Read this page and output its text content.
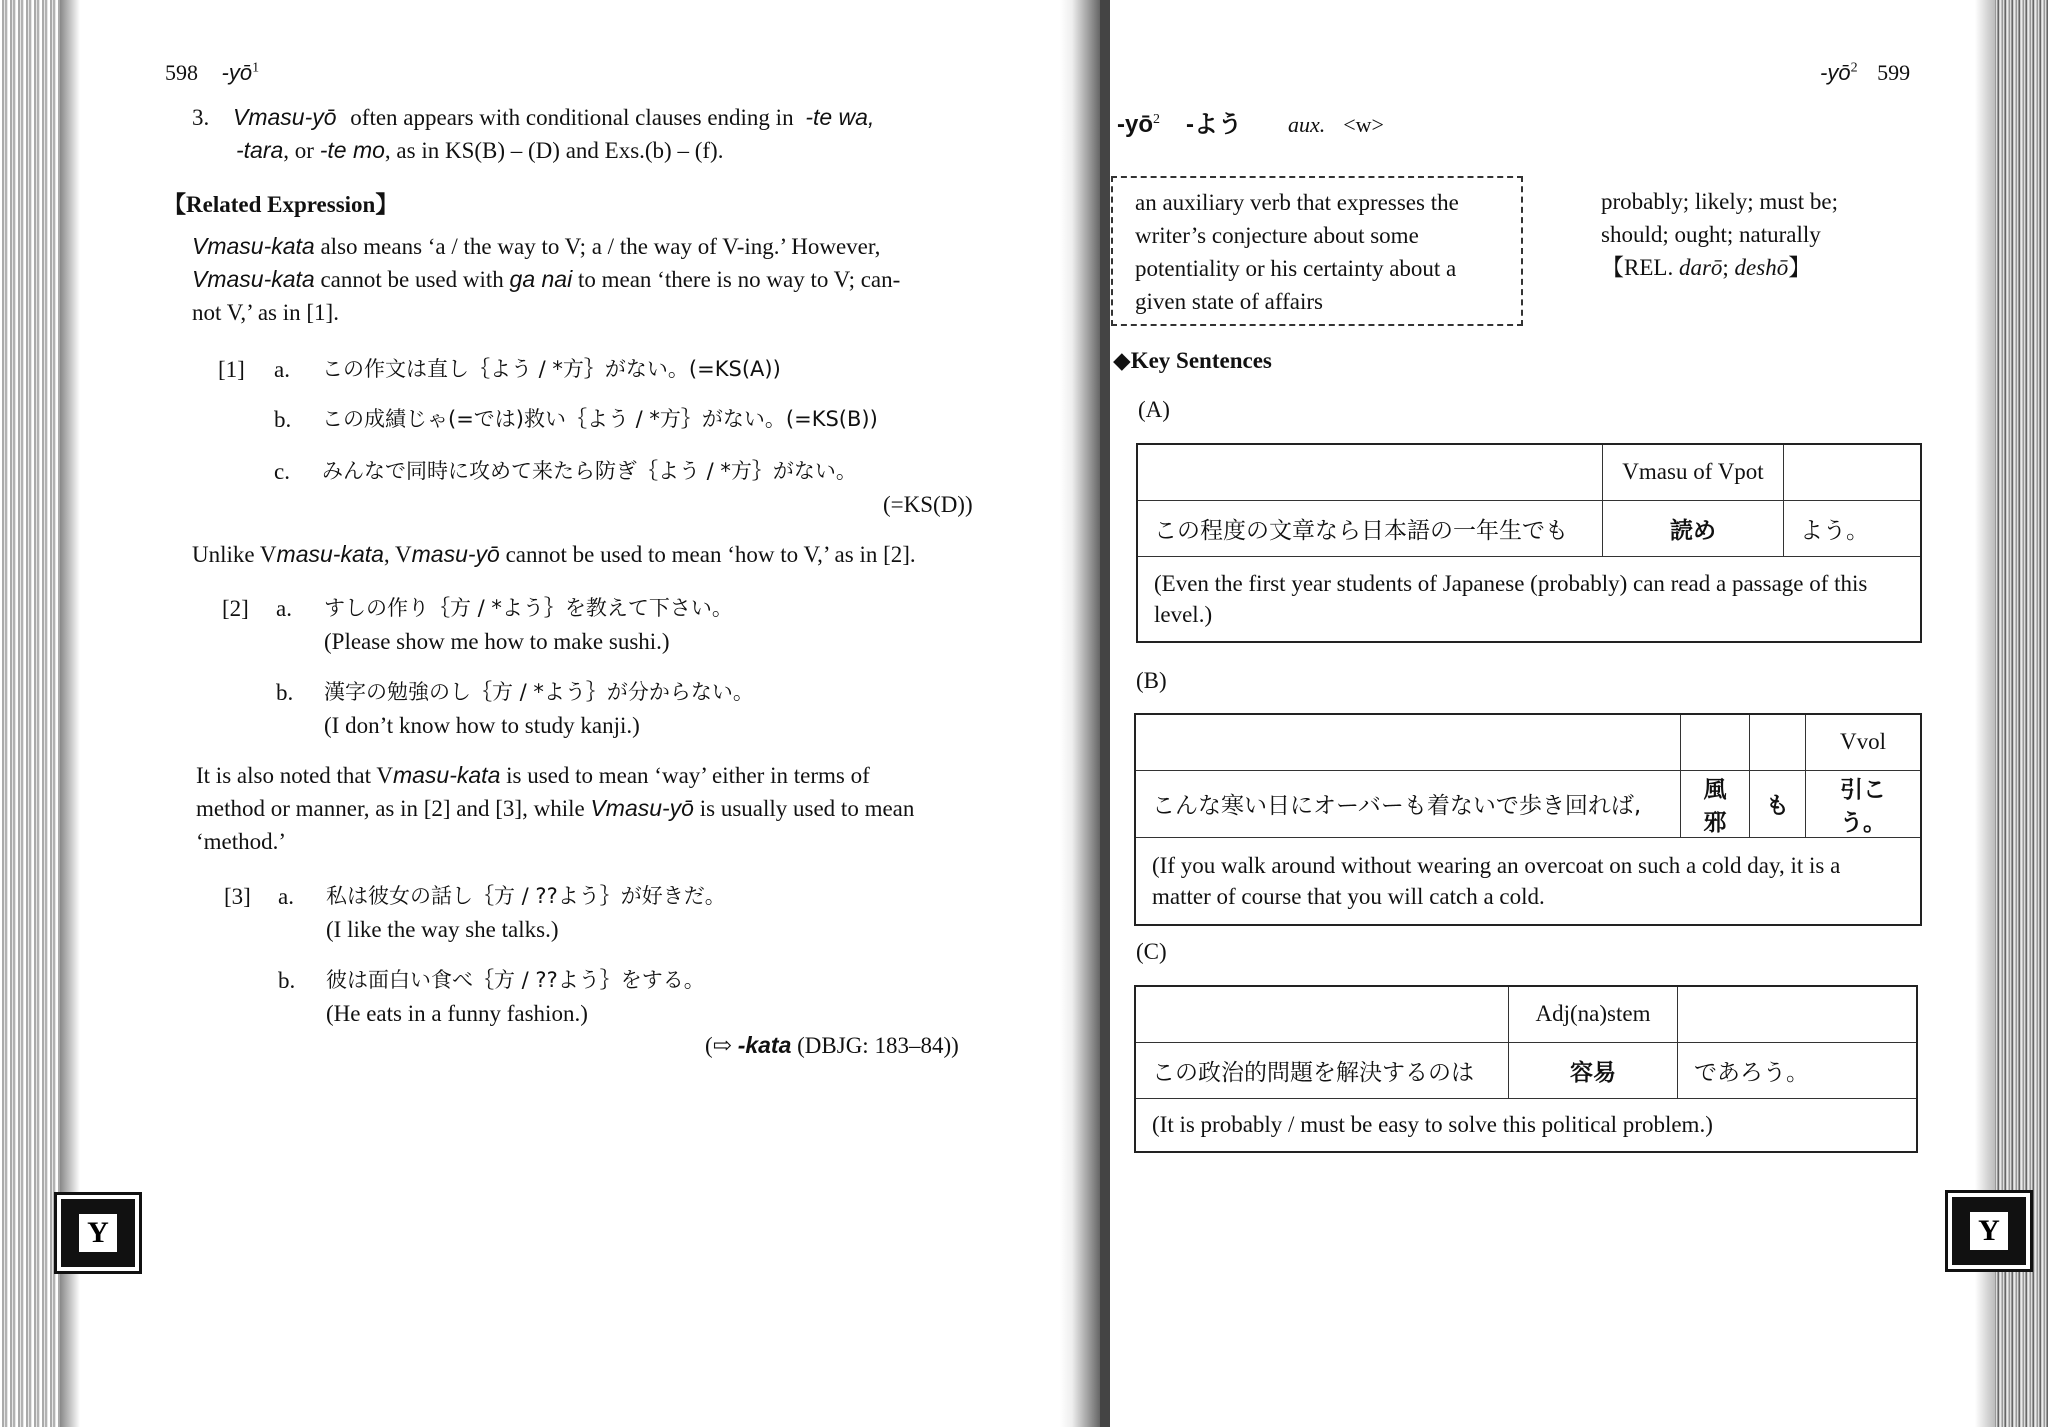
598 $-yō^1$
3. Vmasu-yō often appears with conditional clauses ending in -te wa,
-tara, or -te mo, as in KS(B) – (D) and Exs.(b) – (f).
【Related Expression】
Vmasu-kata also means ‘a / the way to V; a / the way of V-ing.’ However,
Vmasu-kata cannot be used with ga nai to mean ‘there is no way to V; can-
not V,’ as in [1].
[1] a. この作文は直し｛よう / *方｝がない。(=KS(A))
b. この成績じゃ(=では)救い｛よう / *方｝がない。(=KS(B))
c. みんなで同時に攻めて来たら防ぎ｛よう / *方｝がない。
(=KS(D))
Unlike Vmasu-kata, Vmasu-yō cannot be used to mean ‘how to V,’ as in [2].
[2] a. すしの作り｛方 / *よう｝を教えて下さい。
(Please show me how to make sushi.)
b. 漢字の勉強のし｛方 / *よう｝が分からない。
(I don’t know how to study kanji.)
It is also noted that Vmasu-kata is used to mean ‘way’ either in terms of
method or manner, as in [2] and [3], while Vmasu-yō is usually used to mean
‘method.’
[3] a. 私は彼女の話し｛方 / ??よう｝が好きだ。
(I like the way she talks.)
b. 彼は面白い食べ｛方 / ??よう｝をする。
(He eats in a funny fashion.)
(⇨ -kata (DBJG: 183–84))
Y
$-yō^2$ 599
$-yō^2$ -よう aux. <w>
an auxiliary verb that expresses the writer’s conjecture about some potentiality or his certainty about a given state of affairs
probably; likely; must be;
should; ought; naturally
【REL. darō; deshō】
◆Key Sentences
(A)
	Vmasu of Vpot	
この程度の文章なら日本語の一年生でも	読め	よう。
(Even the first year students of Japanese (probably) can read a passage of this level.)		
(B)
			Vvol
こんな寒い日にオーバーも着ないで歩き回れば,	風邪	も	引こう。
(If you walk around without wearing an overcoat on such a cold day, it is a matter of course that you will catch a cold.			
(C)
	Adj(na)stem	
この政治的問題を解決するのは	容易	であろう。
(It is probably / must be easy to solve this political problem.)		
Y
